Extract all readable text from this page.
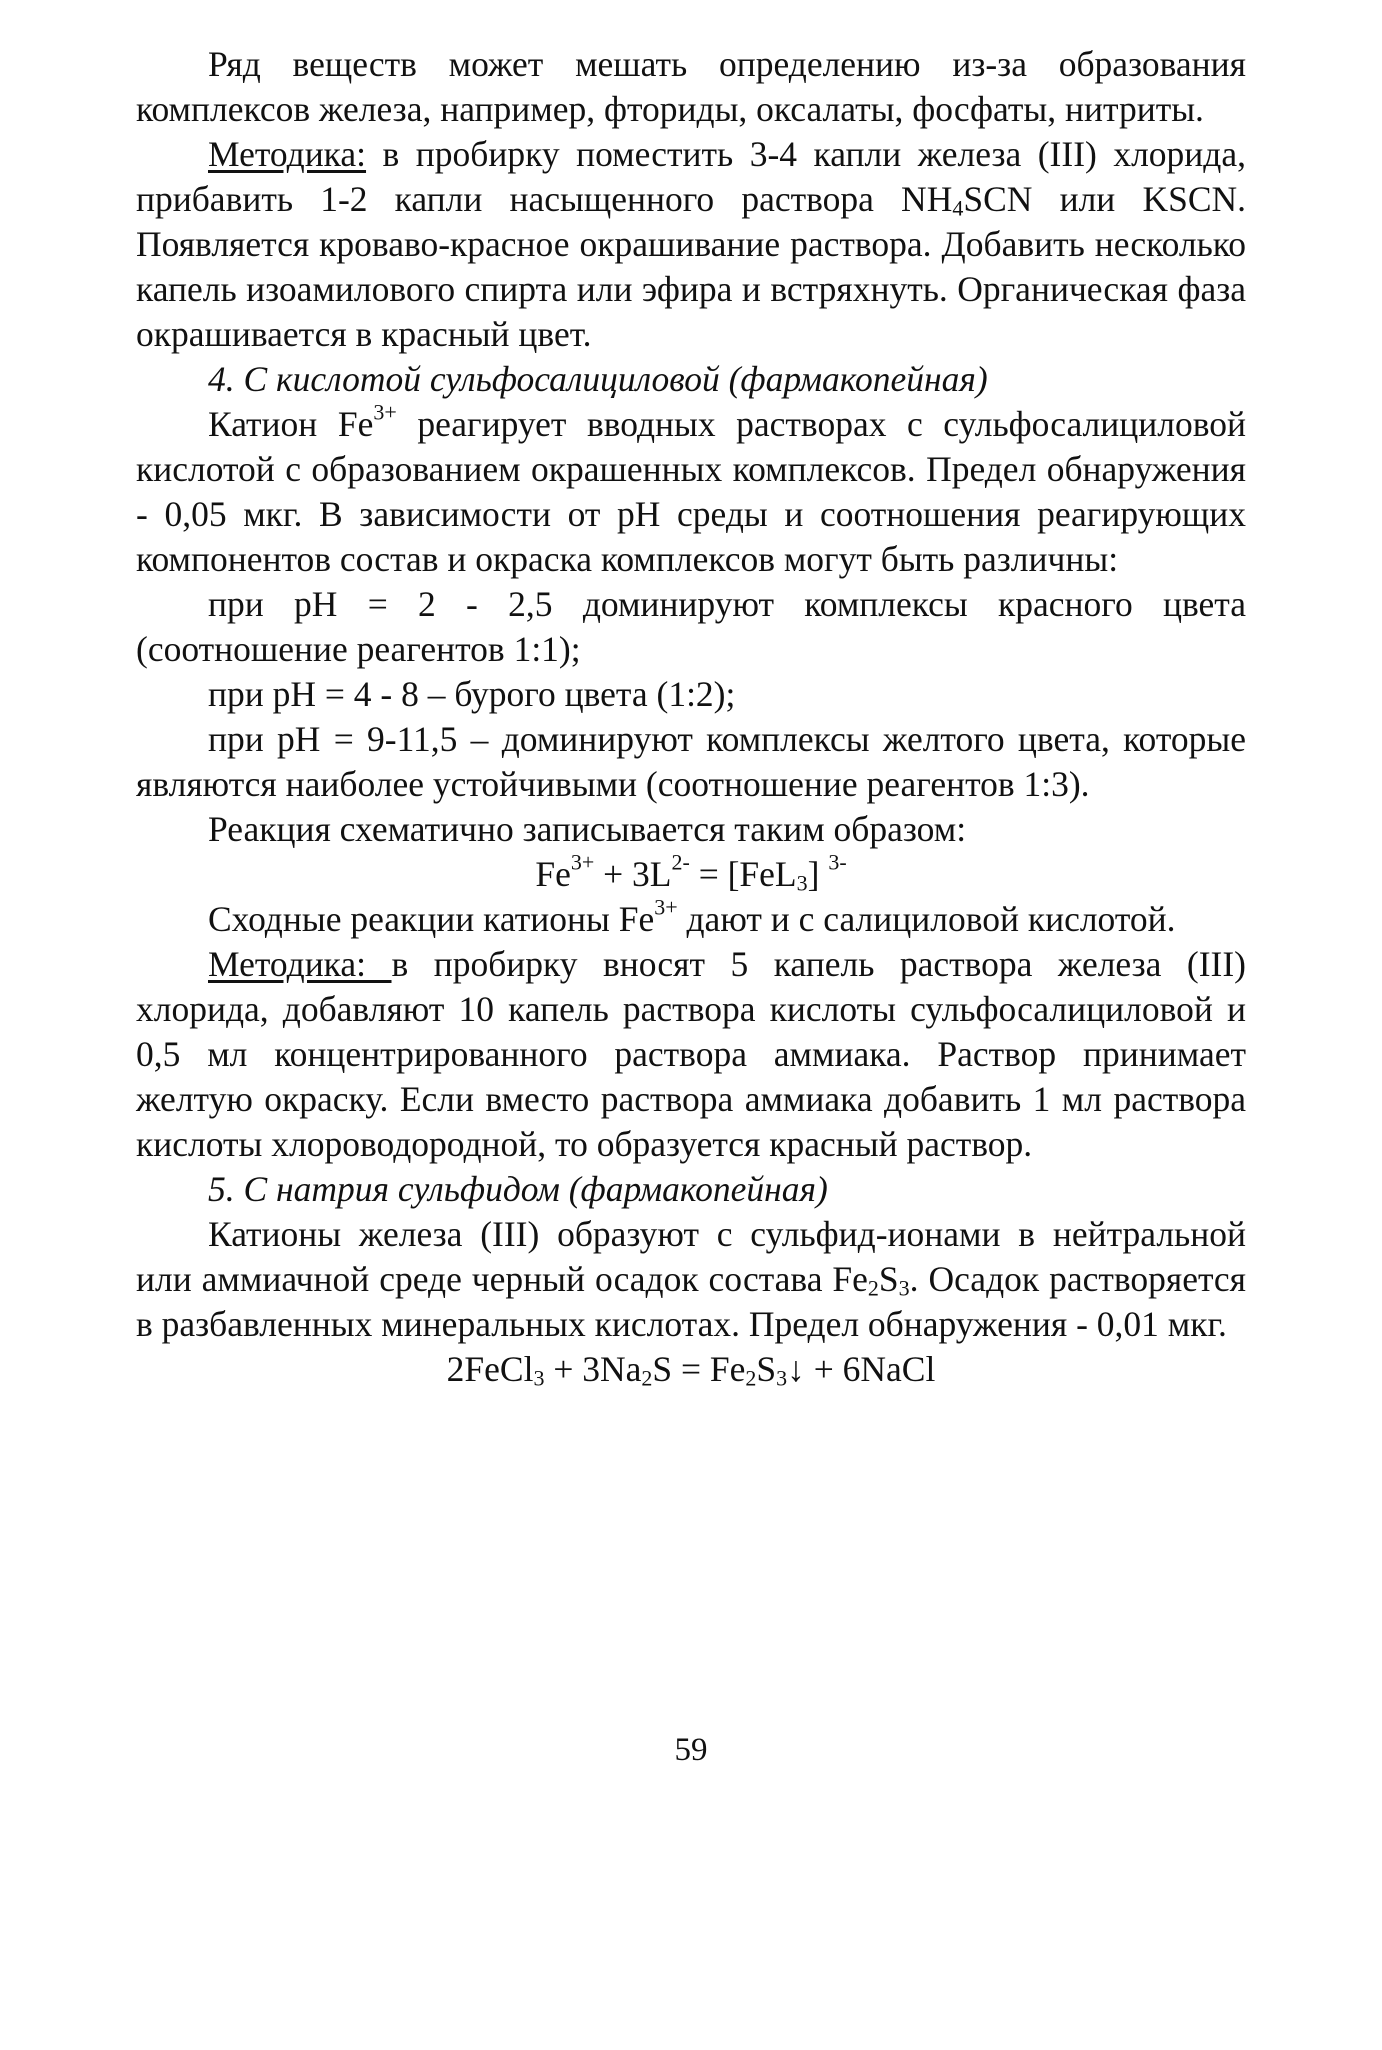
Ряд веществ может мешать определению из-за образования комплексов железа, например, фториды, оксалаты, фосфаты, нитриты.

Методика: в пробирку поместить 3-4 капли железа (III) хлорида, прибавить 1-2 капли насыщенного раствора $NH_4SCN$ или KSCN. Появляется кроваво-красное окрашивание раствора. Добавить несколько капель изоамилового спирта или эфира и встряхнуть. Органическая фаза окрашивается в красный цвет.

4. С кислотой сульфосалициловой (фармакопейная)

Катион $Fe^{3+}$ реагирует вводных растворах с сульфосалициловой кислотой с образованием окрашенных комплексов. Предел обнаружения - 0,05 мкг. В зависимости от pH среды и соотношения реагирующих компонентов состав и окраска комплексов могут быть различны:

при pH = 2 - 2,5 доминируют комплексы красного цвета (соотношение реагентов 1:1);

при pH = 4 - 8 – бурого цвета (1:2);

при pH = 9-11,5 – доминируют комплексы желтого цвета, которые являются наиболее устойчивыми (соотношение реагентов 1:3).

Реакция схематично записывается таким образом:

$Fe^{3+} + 3L^{2-} = [FeL_3]$ $^{3-}$

Сходные реакции катионы $Fe^{3+}$ дают и с салициловой кислотой.

Методика: в пробирку вносят 5 капель раствора железа (III) хлорида, добавляют 10 капель раствора кислоты сульфосалициловой и 0,5 мл концентрированного раствора аммиака. Раствор принимает желтую окраску. Если вместо раствора аммиака добавить 1 мл раствора кислоты хлороводородной, то образуется красный раствор.

5. С натрия сульфидом (фармакопейная)

Катионы железа (III) образуют с сульфид-ионами в нейтральной или аммиачной среде черный осадок состава $Fe_2S_3$. Осадок растворяется в разбавленных минеральных кислотах. Предел обнаружения - 0,01 мкг.

2FeCl$_3$ + $3Na_2S$ = $Fe_2S_3↓$ + 6NaCl

59
